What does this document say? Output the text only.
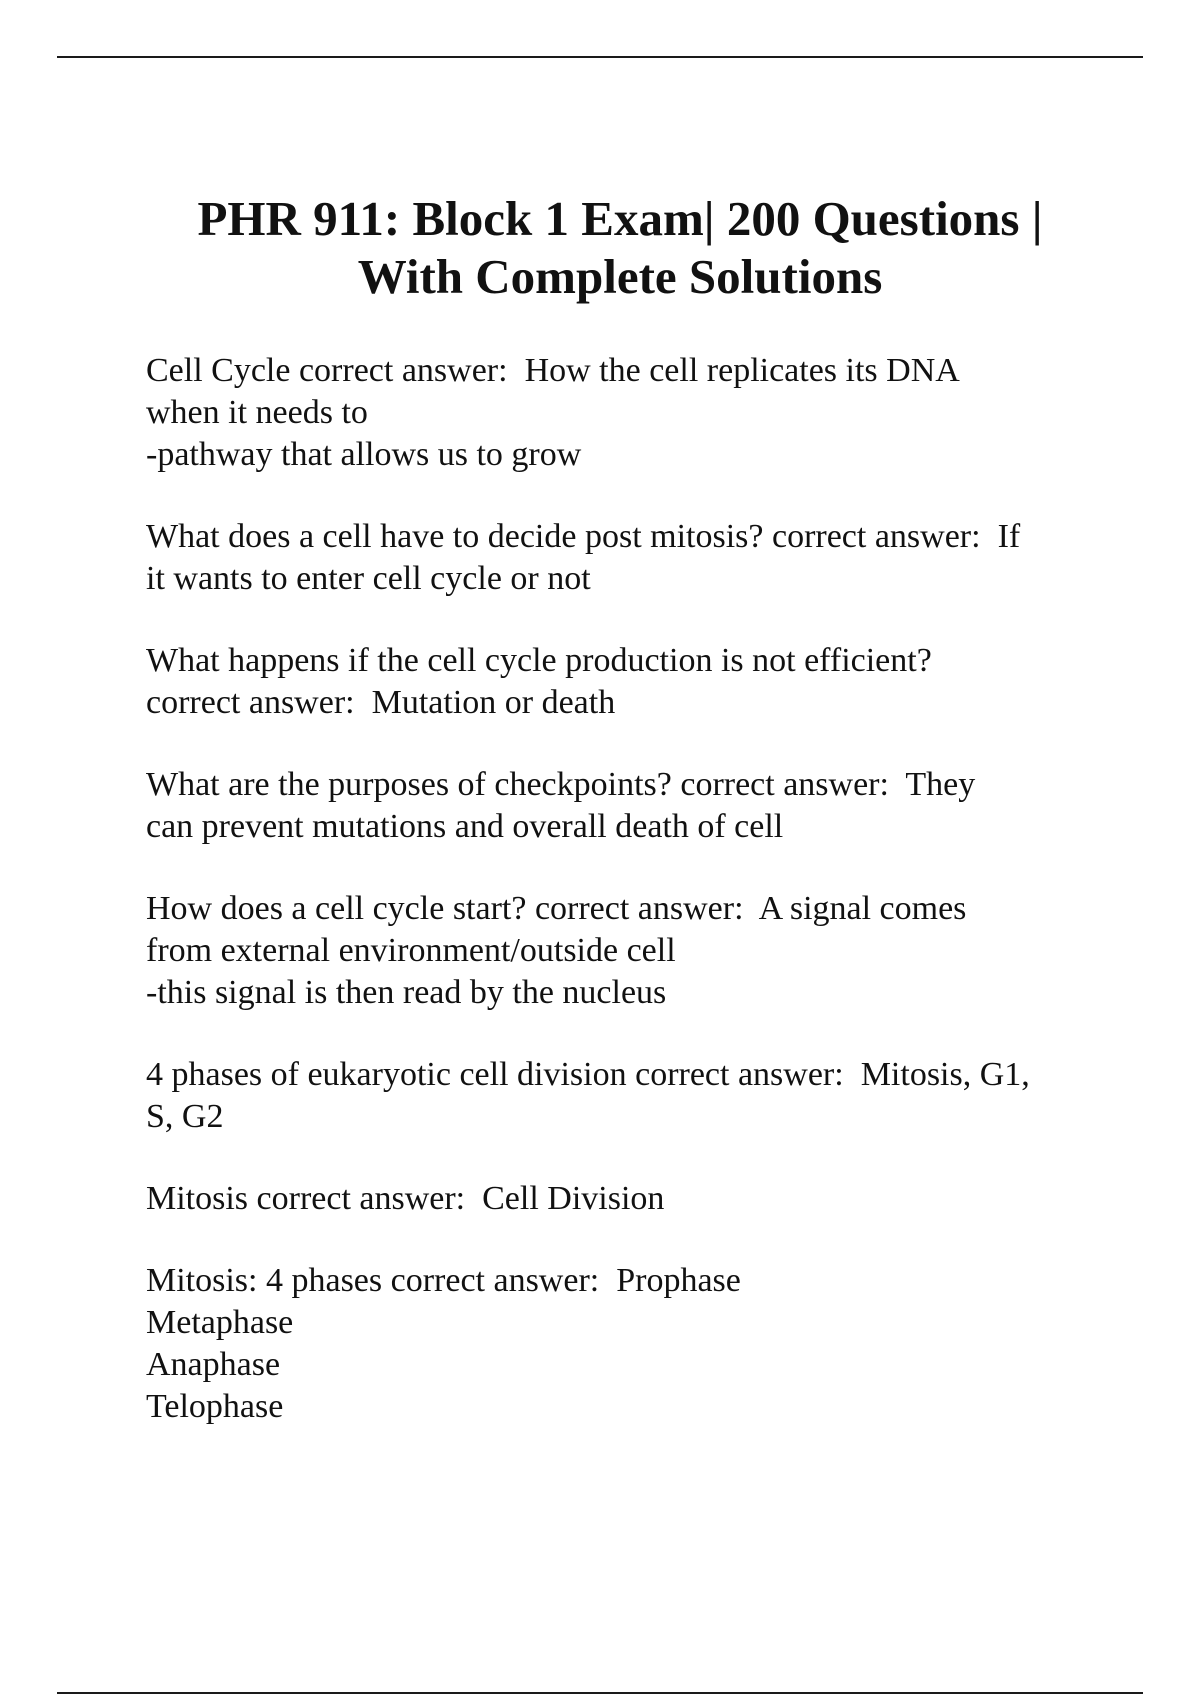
PHR 911: Block 1 Exam| 200 Questions |
With Complete Solutions
Cell Cycle correct answer:  How the cell replicates its DNA
when it needs to
-pathway that allows us to grow
What does a cell have to decide post mitosis? correct answer:  If
it wants to enter cell cycle or not
What happens if the cell cycle production is not efficient?
correct answer:  Mutation or death
What are the purposes of checkpoints? correct answer:  They
can prevent mutations and overall death of cell
How does a cell cycle start? correct answer:  A signal comes
from external environment/outside cell
-this signal is then read by the nucleus
4 phases of eukaryotic cell division correct answer:  Mitosis, G1,
S, G2
Mitosis correct answer:  Cell Division
Mitosis: 4 phases correct answer:  Prophase
Metaphase
Anaphase
Telophase
